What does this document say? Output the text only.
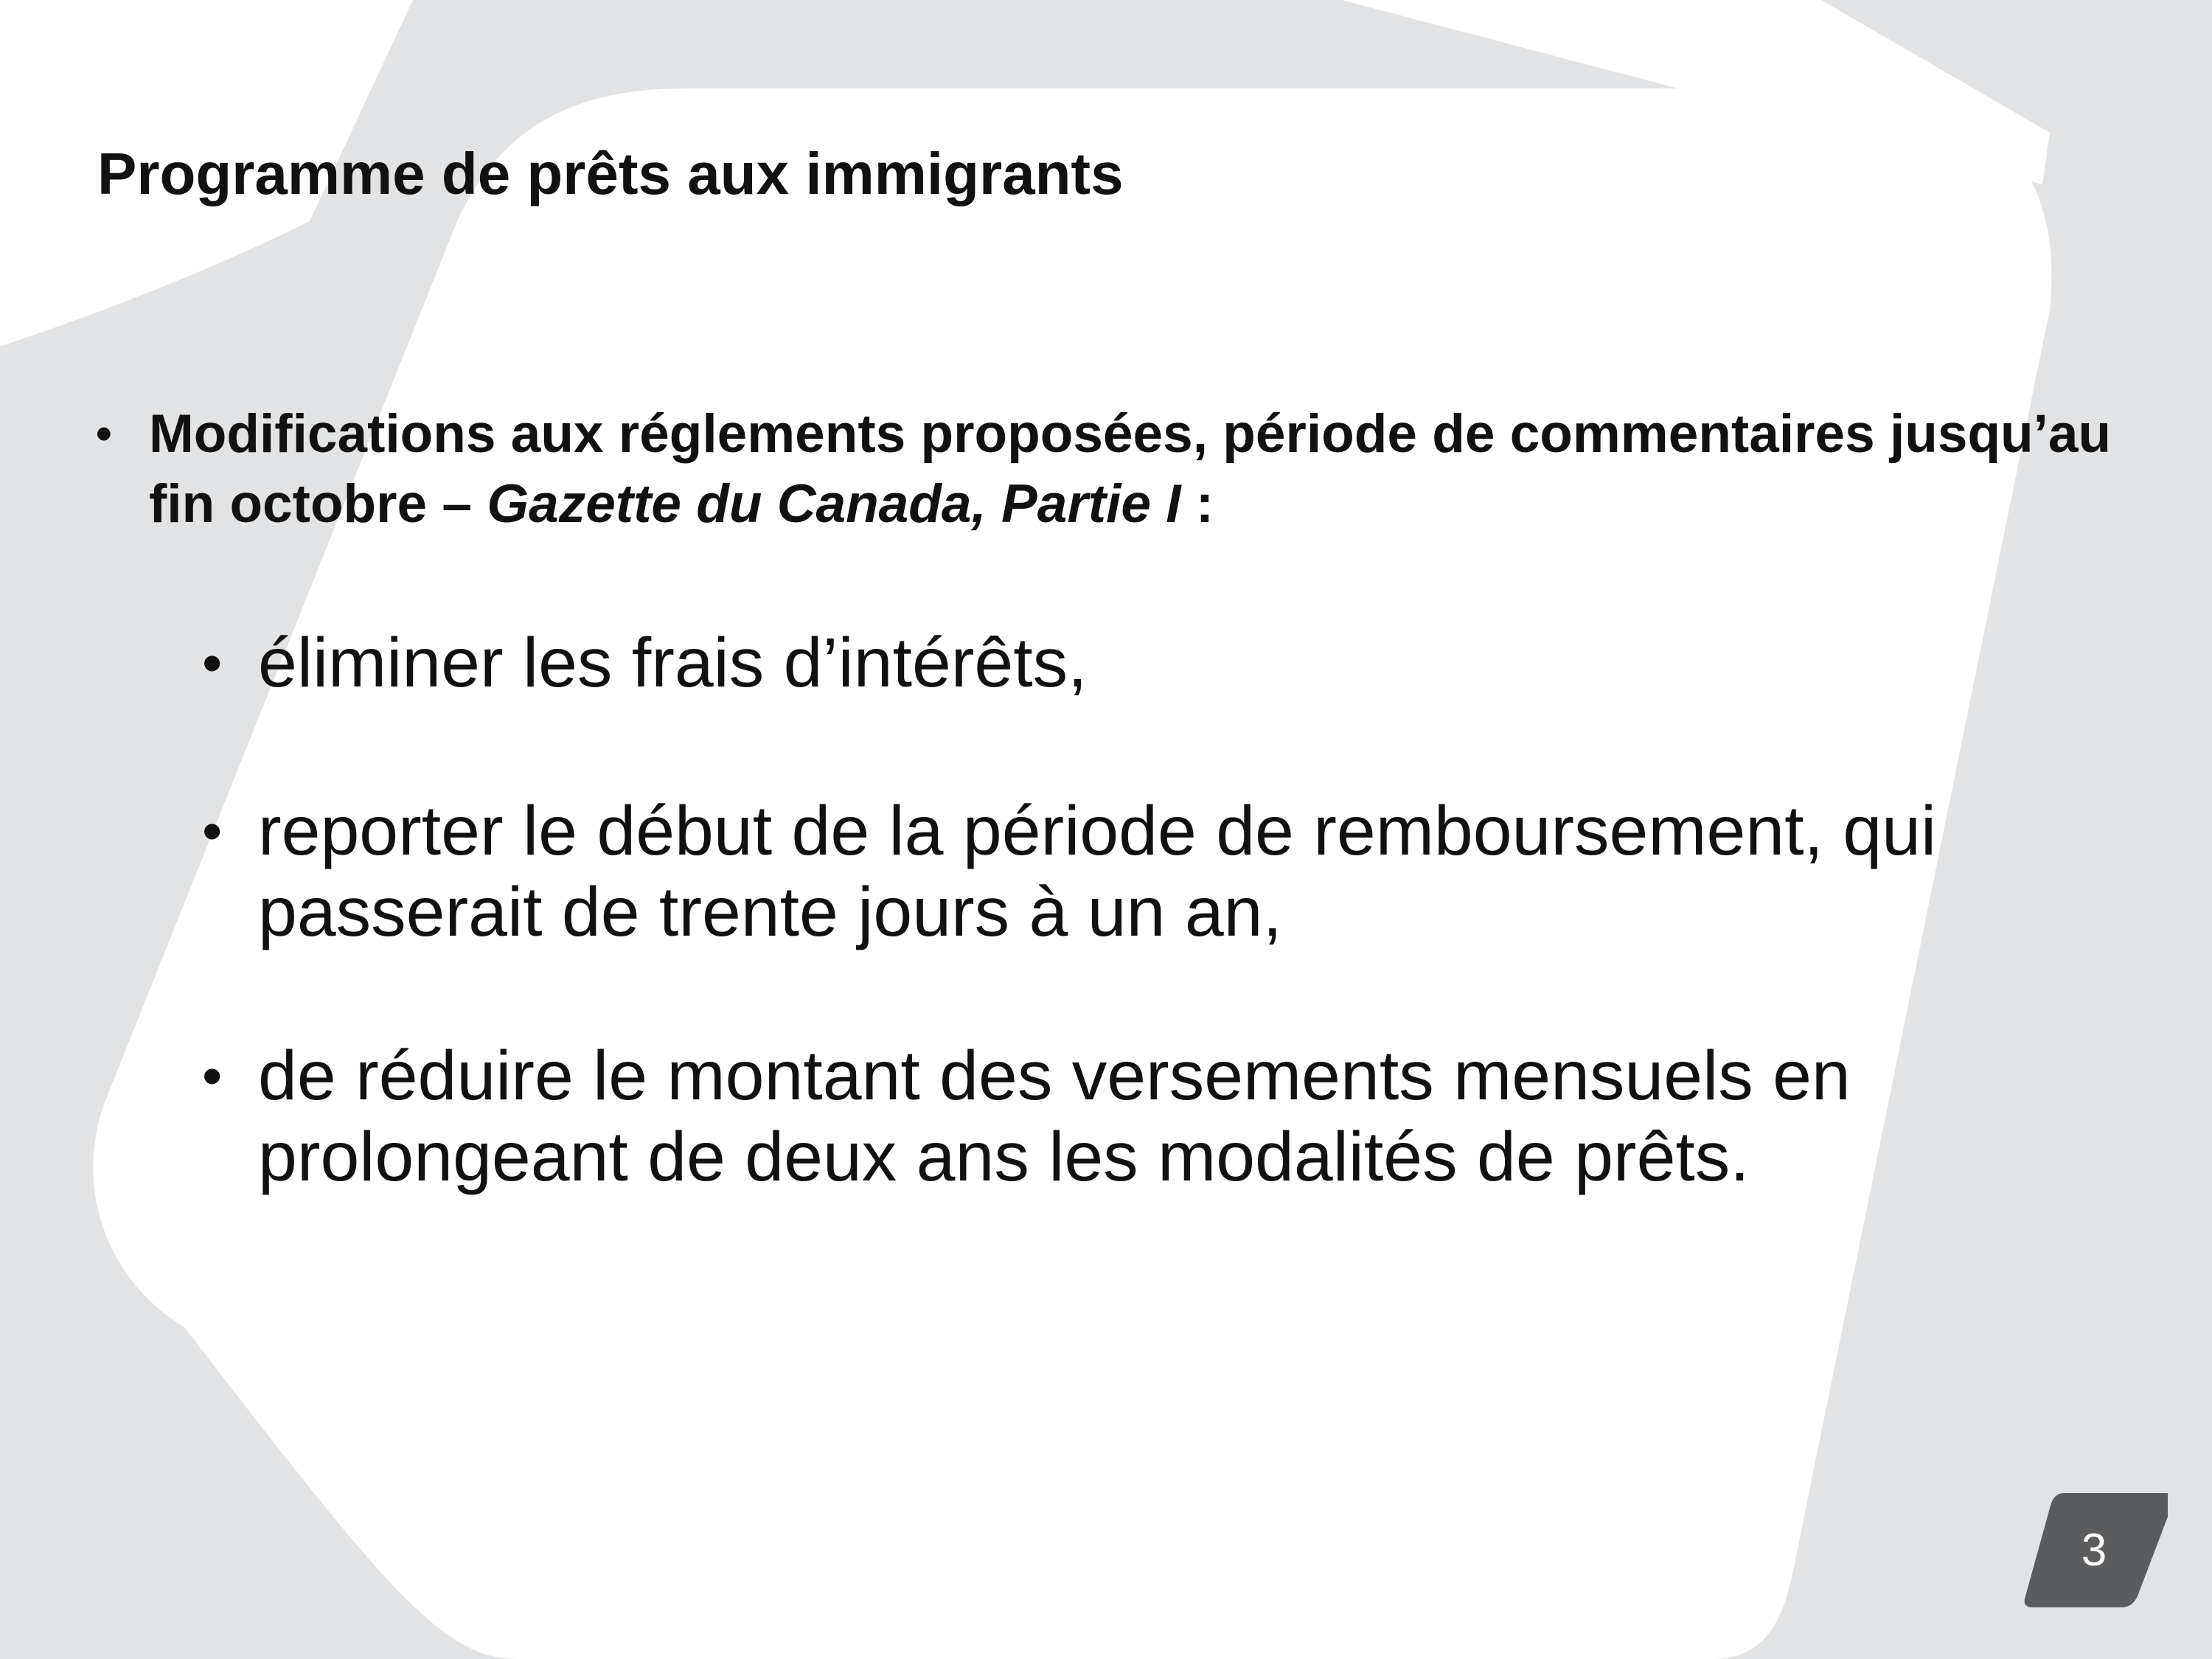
Programme de prêts aux immigrants
• Modifications aux réglements proposées, période de commentaires jusqu’au fin octobre – Gazette du Canada, Partie I :
• éliminer les frais d’intérêts,
• reporter le début de la période de remboursement, qui passerait de trente jours à un an,
• de réduire le montant des versements mensuels en prolongeant de deux ans les modalités de prêts.
3
